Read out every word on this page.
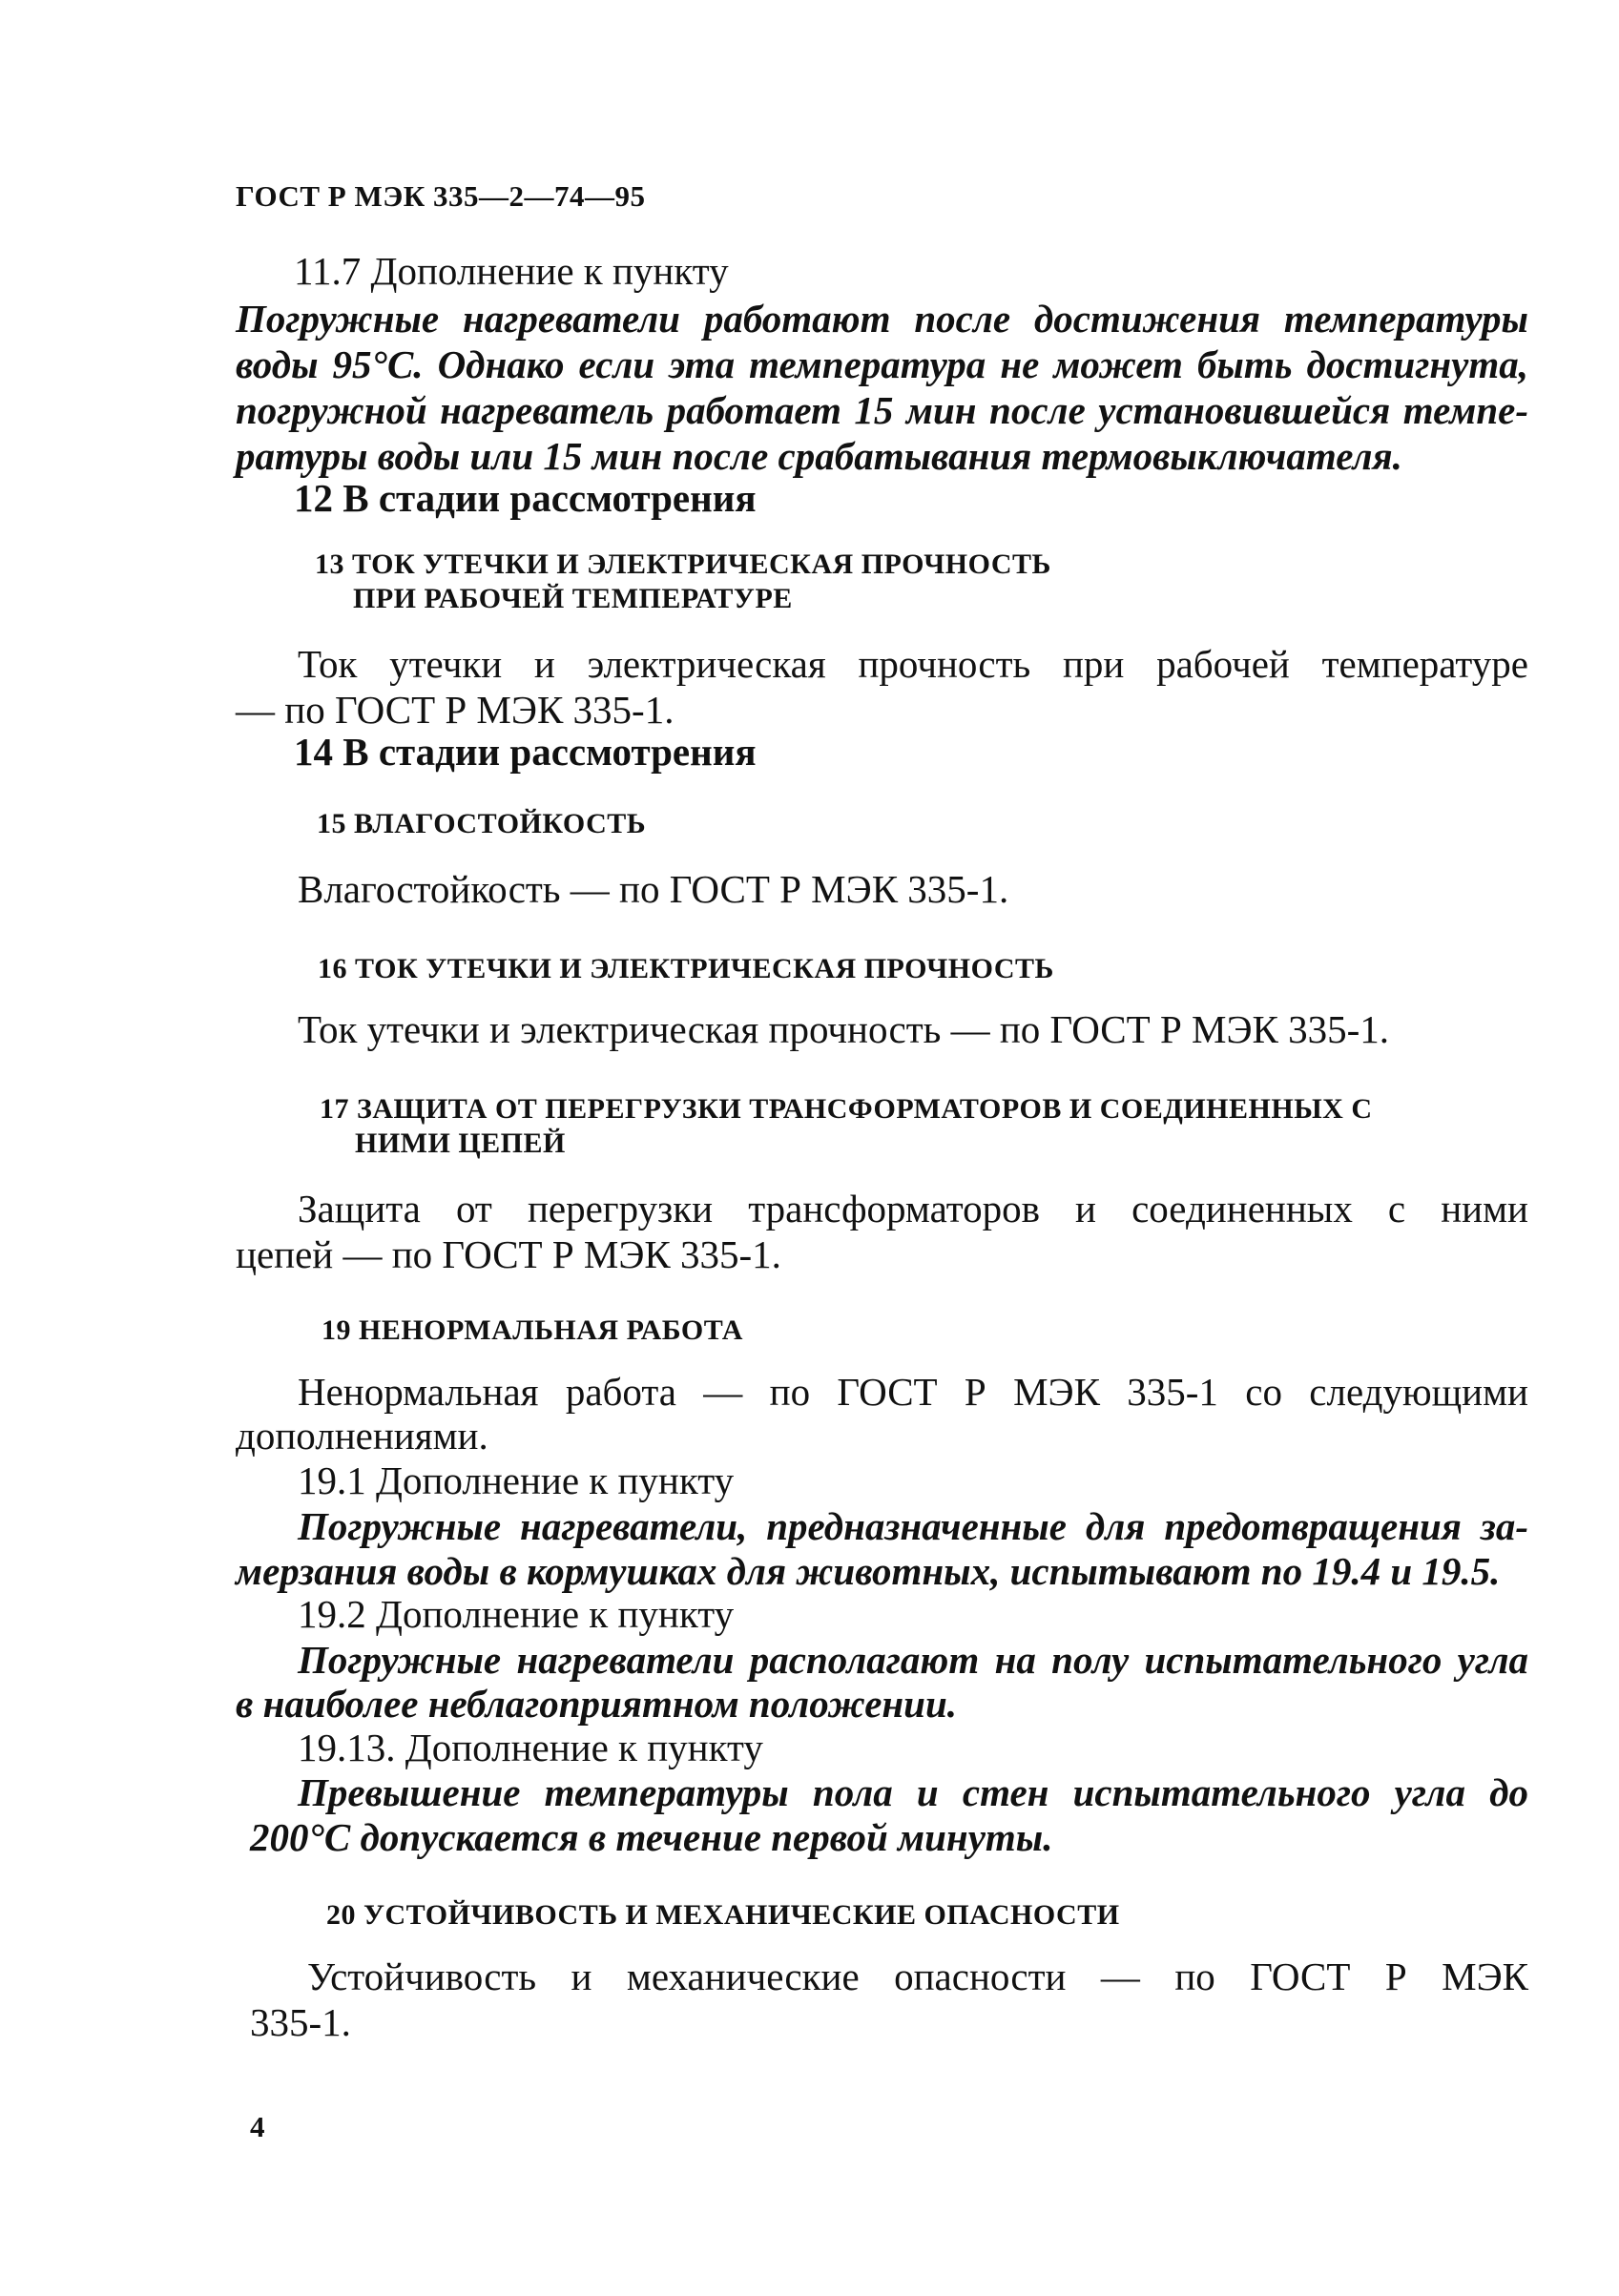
ГОСТ Р МЭК 335—2—74—95
11.7 Дополнение к пункту
Погружные нагреватели работают после достижения температуры
воды 95°С. Однако если эта температура не может быть достигнута,
погружной нагреватель работает 15 мин после установившейся темпе-
ратуры воды или 15 мин после срабатывания термовыключателя.
12 В стадии рассмотрения
13 ТОК УТЕЧКИ И ЭЛЕКТРИЧЕСКАЯ ПРОЧНОСТЬ
ПРИ РАБОЧЕЙ ТЕМПЕРАТУРЕ
Ток утечки и электрическая прочность при рабочей температуре
— по ГОСТ Р МЭК 335-1.
14 В стадии рассмотрения
15 ВЛАГОСТОЙКОСТЬ
Влагостойкость — по ГОСТ Р МЭК 335-1.
16 ТОК УТЕЧКИ И ЭЛЕКТРИЧЕСКАЯ ПРОЧНОСТЬ
Ток утечки и электрическая прочность — по ГОСТ Р МЭК 335-1.
17 ЗАЩИТА ОТ ПЕРЕГРУЗКИ ТРАНСФОРМАТОРОВ И СОЕДИНЕННЫХ С
НИМИ ЦЕПЕЙ
Защита от перегрузки трансформаторов и соединенных с ними
цепей — по ГОСТ Р МЭК 335-1.
19 НЕНОРМАЛЬНАЯ РАБОТА
Ненормальная работа — по ГОСТ Р МЭК 335-1 со следующими
дополнениями.
19.1 Дополнение к пункту
Погружные нагреватели, предназначенные для предотвращения за-
мерзания воды в кормушках для животных, испытывают по 19.4 и 19.5.
19.2 Дополнение к пункту
Погружные нагреватели располагают на полу испытательного угла
в наиболее неблагоприятном положении.
19.13. Дополнение к пункту
Превышение температуры пола и стен испытательного угла до
200°С допускается в течение первой минуты.
20 УСТОЙЧИВОСТЬ И МЕХАНИЧЕСКИЕ ОПАСНОСТИ
Устойчивость и механические опасности — по ГОСТ Р МЭК
335-1.
4
